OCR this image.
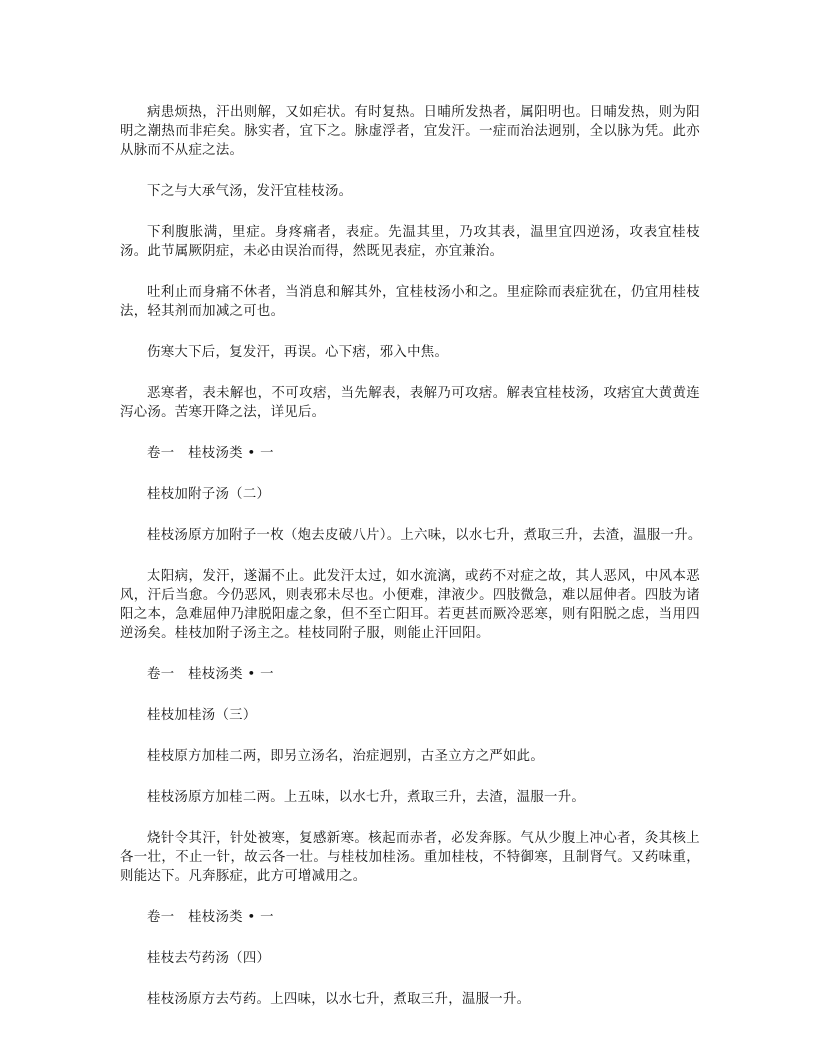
病患烦热，汗出则解，又如疟状。有时复热。日晡所发热者，属阳明也。日晡发热，则为阳明之潮热而非疟矣。脉实者，宜下之。脉虚浮者，宜发汗。一症而治法迥别，全以脉为凭。此亦从脉而不从症之法。

下之与大承气汤，发汗宜桂枝汤。

下利腹胀满，里症。身疼痛者，表症。先温其里，乃攻其表，温里宜四逆汤，攻表宜桂枝汤。此节属厥阴症，未必由误治而得，然既见表症，亦宜兼治。

吐利止而身痛不休者，当消息和解其外，宜桂枝汤小和之。里症除而表症犹在，仍宜用桂枝法，轻其剂而加减之可也。

伤寒大下后，复发汗，再误。心下痞，邪入中焦。

恶寒者，表未解也，不可攻痞，当先解表，表解乃可攻痞。解表宜桂枝汤，攻痞宜大黄黄连泻心汤。苦寒开降之法，详见后。

卷一　桂枝汤类 • 一

桂枝加附子汤（二）

桂枝汤原方加附子一枚（炮去皮破八片）。上六味，以水七升，煮取三升，去渣，温服一升。

太阳病，发汗，遂漏不止。此发汗太过，如水流漓，或药不对症之故，其人恶风，中风本恶风，汗后当愈。今仍恶风，则表邪未尽也。小便难，津液少。四肢微急，难以屈伸者。四肢为诸阳之本，急难屈伸乃津脱阳虚之象，但不至亡阳耳。若更甚而厥冷恶寒，则有阳脱之虑，当用四逆汤矣。桂枝加附子汤主之。桂枝同附子服，则能止汗回阳。

卷一　桂枝汤类 • 一

桂枝加桂汤（三）

桂枝原方加桂二两，即另立汤名，治症迥别，古圣立方之严如此。

桂枝汤原方加桂二两。上五味，以水七升，煮取三升，去渣，温服一升。

烧针令其汗，针处被寒，复感新寒。核起而赤者，必发奔豚。气从少腹上冲心者，灸其核上各一壮，不止一针，故云各一壮。与桂枝加桂汤。重加桂枝，不特御寒，且制肾气。又药味重，则能达下。凡奔豚症，此方可增减用之。

卷一　桂枝汤类 • 一

桂枝去芍药汤（四）

桂枝汤原方去芍药。上四味，以水七升，煮取三升，温服一升。
